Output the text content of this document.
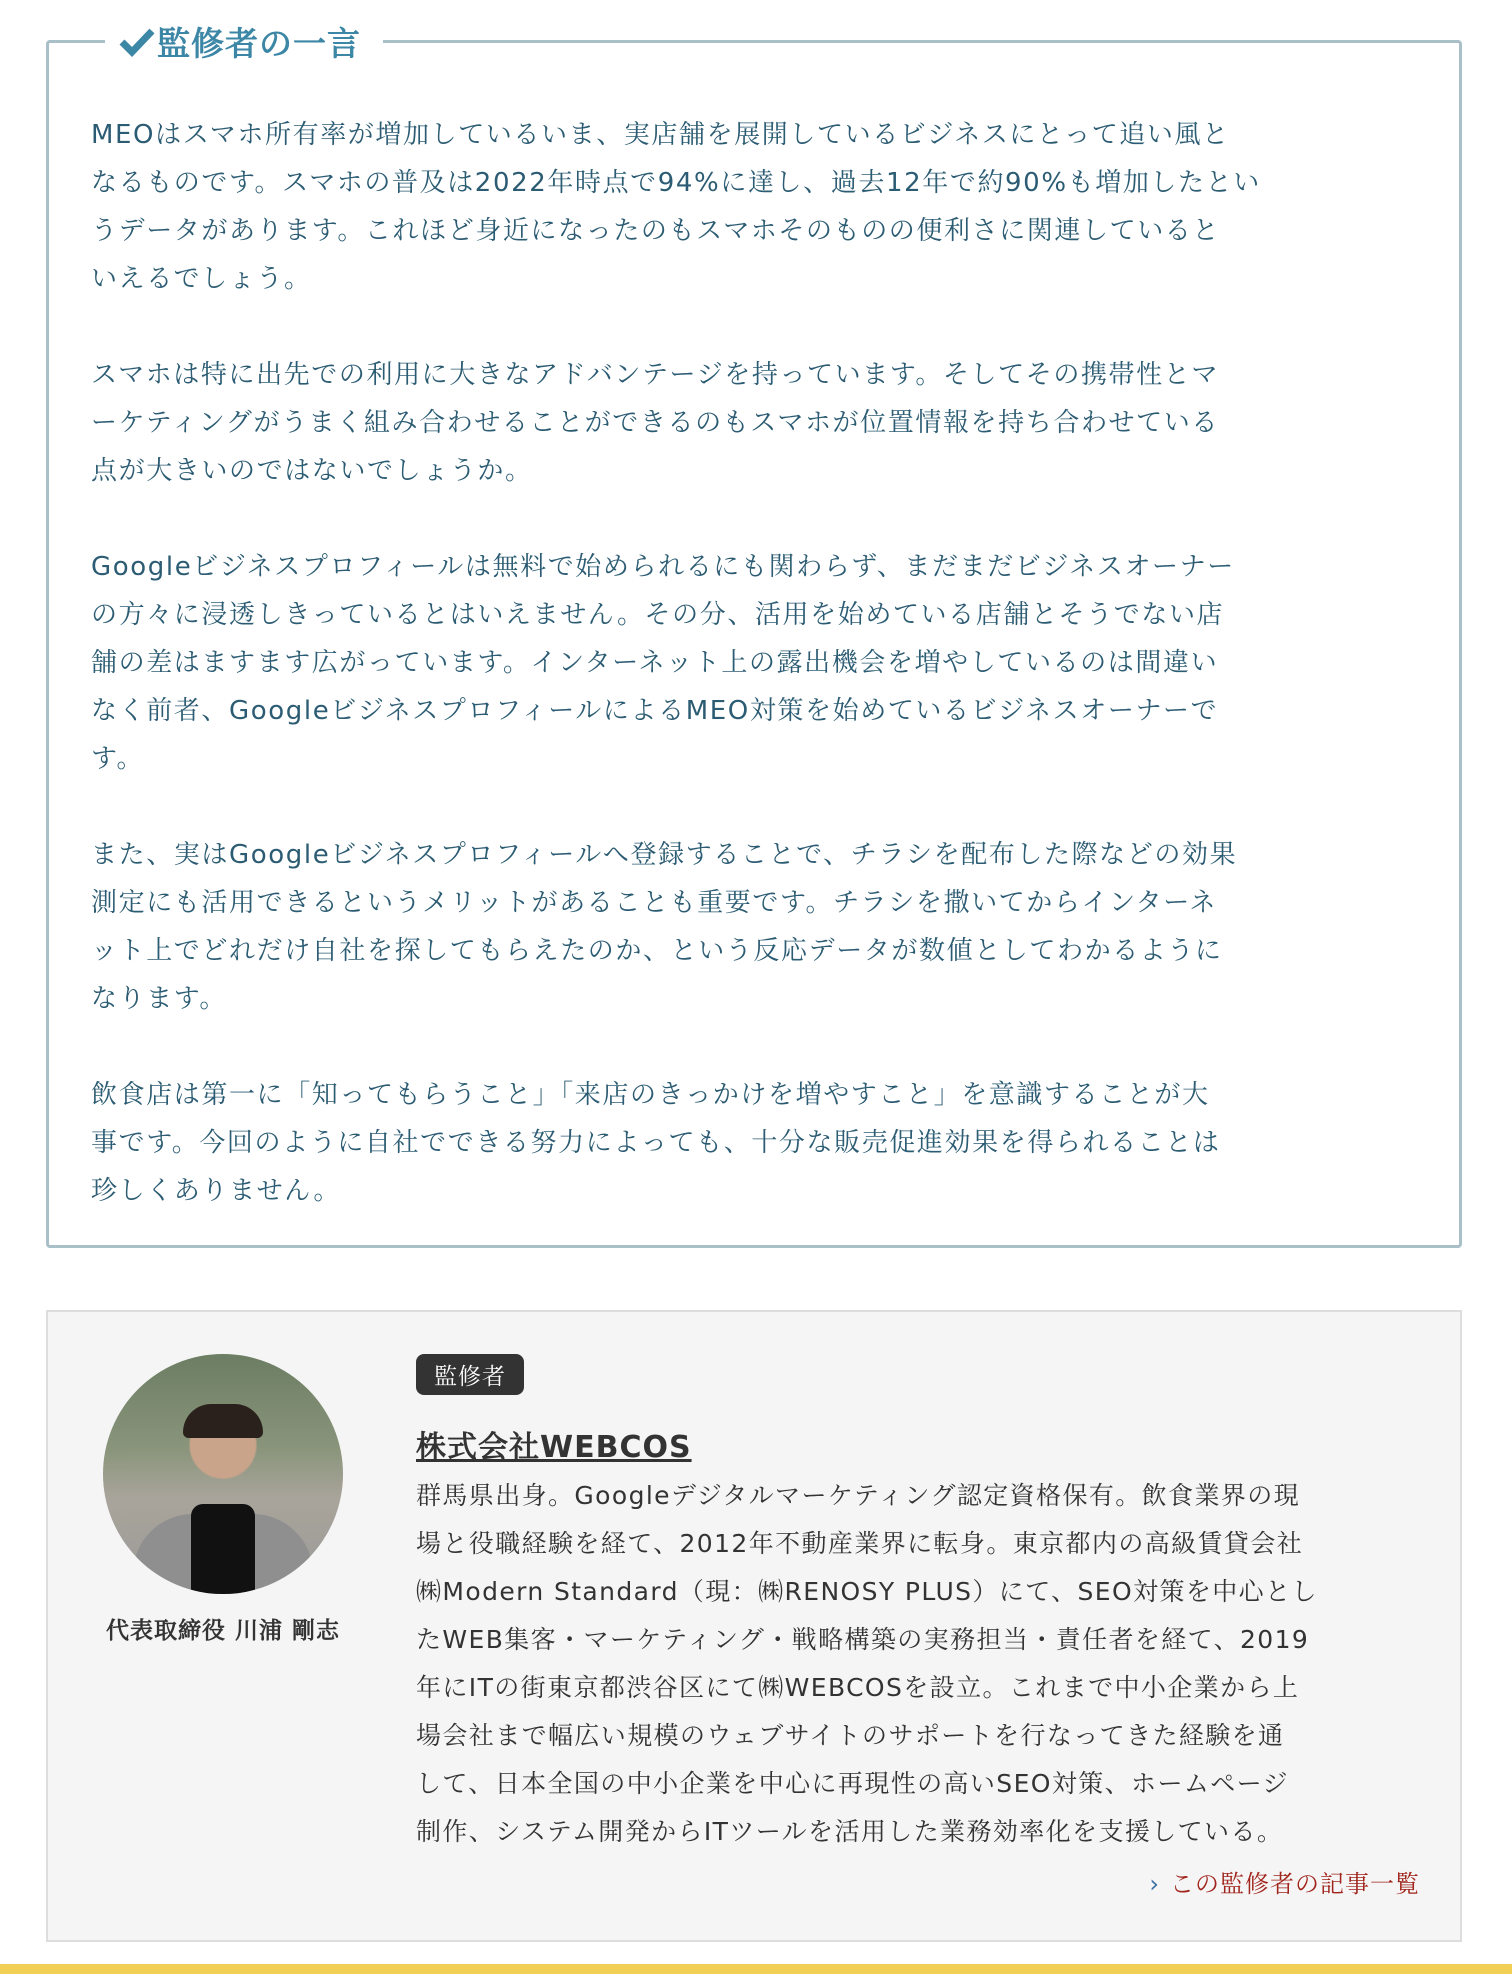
監修者の一言
MEOはスマホ所有率が増加しているいま、実店舗を展開しているビジネスにとって追い風と
なるものです。スマホの普及は2022年時点で94%に達し、過去12年で約90%も増加したとい
うデータがあります。これほど身近になったのもスマホそのものの便利さに関連していると
いえるでしょう。
スマホは特に出先での利用に大きなアドバンテージを持っています。そしてその携帯性とマ
ーケティングがうまく組み合わせることができるのもスマホが位置情報を持ち合わせている
点が大きいのではないでしょうか。
Googleビジネスプロフィールは無料で始められるにも関わらず、まだまだビジネスオーナー
の方々に浸透しきっているとはいえません。その分、活用を始めている店舗とそうでない店
舗の差はますます広がっています。インターネット上の露出機会を増やしているのは間違い
なく前者、GoogleビジネスプロフィールによるMEO対策を始めているビジネスオーナーで
す。
また、実はGoogleビジネスプロフィールへ登録することで、チラシを配布した際などの効果
測定にも活用できるというメリットがあることも重要です。チラシを撒いてからインターネ
ット上でどれだけ自社を探してもらえたのか、という反応データが数値としてわかるように
なります。
飲食店は第一に「知ってもらうこと」「来店のきっかけを増やすこと」を意識することが大
事です。今回のように自社でできる努力によっても、十分な販売促進効果を得られることは
珍しくありません。
代表取締役 川浦 剛志
監修者
株式会社WEBCOS
群馬県出身。Googleデジタルマーケティング認定資格保有。飲食業界の現
場と役職経験を経て、2012年不動産業界に転身。東京都内の高級賃貸会社
㈱Modern Standard（現：㈱RENOSY PLUS）にて、SEO対策を中心とし
たWEB集客・マーケティング・戦略構築の実務担当・責任者を経て、2019
年にITの街東京都渋谷区にて㈱WEBCOSを設立。これまで中小企業から上
場会社まで幅広い規模のウェブサイトのサポートを行なってきた経験を通
して、日本全国の中小企業を中心に再現性の高いSEO対策、ホームページ
制作、システム開発からITツールを活用した業務効率化を支援している。
› この監修者の記事一覧
